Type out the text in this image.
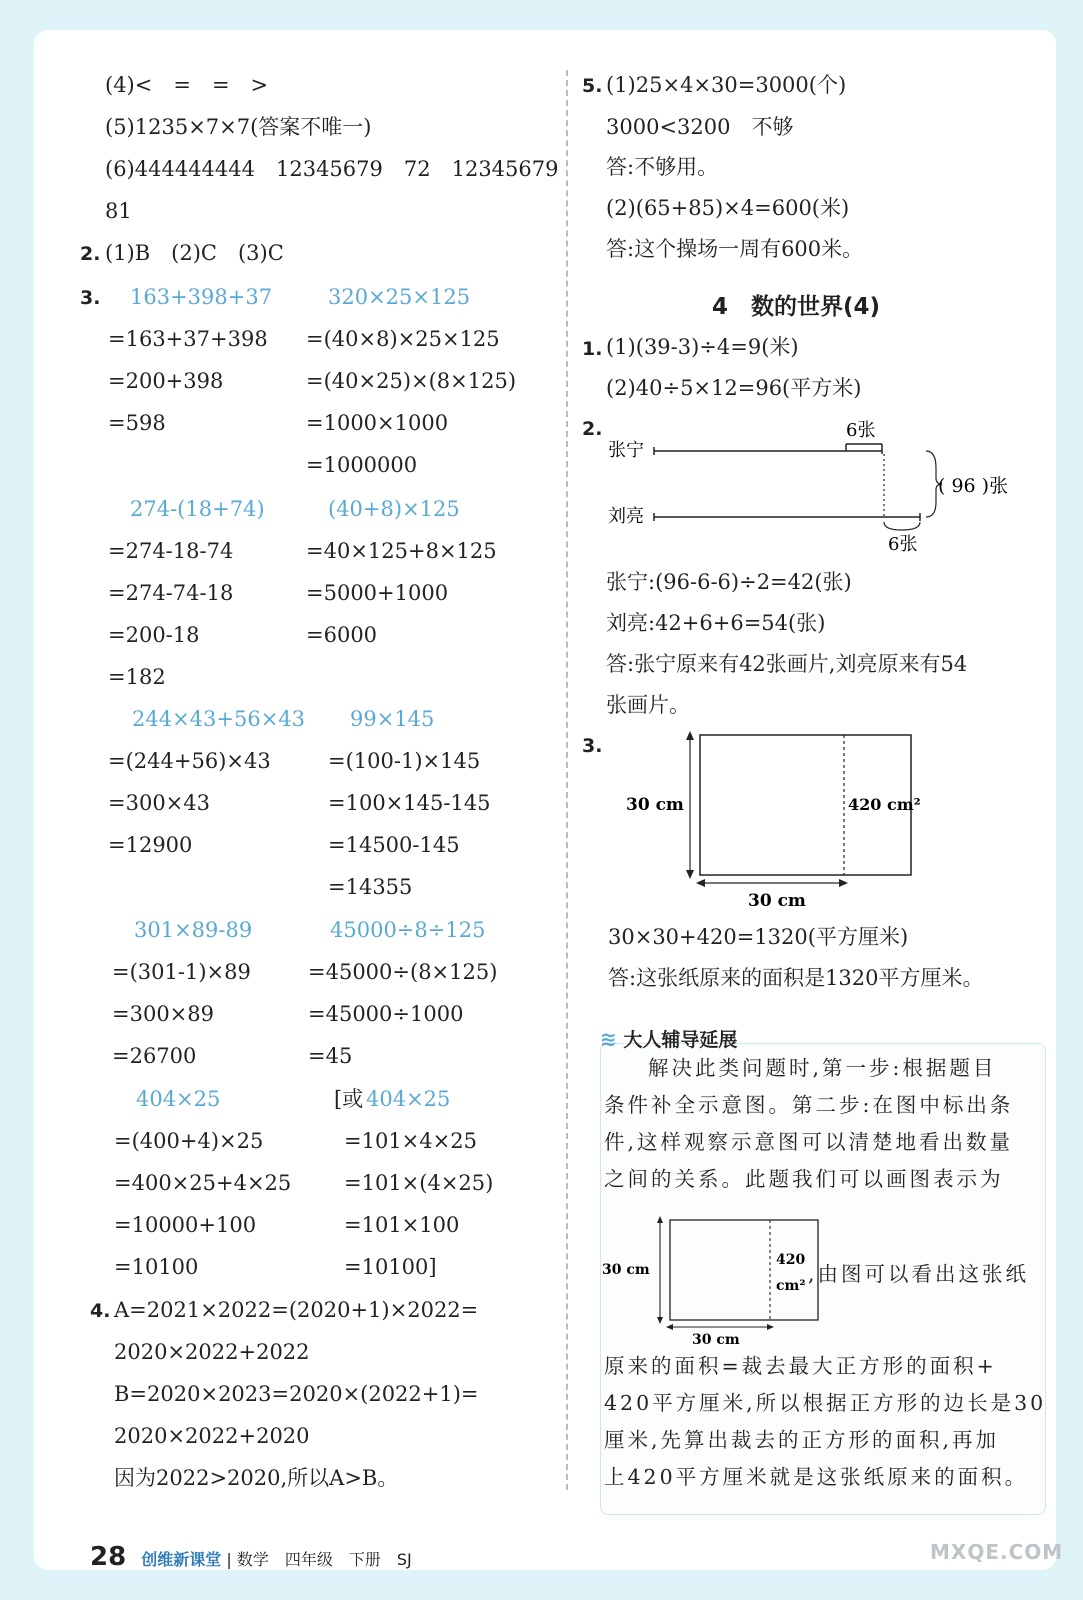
(4)<　=　=　>
(5)1235×7×7(答案不唯一)
(6)444444444　12345679　72　12345679
81
2. (1)B　(2)C　(3)C
3. 163+398+37
=163+37+398
=200+398
=598
320×25×125
=(40×8)×25×125
=(40×25)×(8×125)
=1000×1000
=1000000
274-(18+74)
=274-18-74
=274-74-18
=200-18
=182
(40+8)×125
=40×125+8×125
=5000+1000
=6000
244×43+56×43
=(244+56)×43
=300×43
=12900
99×145
=(100-1)×145
=100×145-145
=14500-145
=14355
301×89-89
=(301-1)×89
=300×89
=26700
45000÷8÷125
=45000÷(8×125)
=45000÷1000
=45
404×25
=(400+4)×25
=400×25+4×25
=10000+100
=10100
[或 404×25
=101×4×25
=101×(4×25)
=101×100
=10100]
4. A=2021×2022=(2020+1)×2022=
2020×2022+2022
B=2020×2023=2020×(2022+1)=
2020×2022+2020
因为2022>2020,所以A>B。
5. (1)25×4×30=3000(个)
3000<3200　不够
答:不够用。
(2)(65+85)×4=600(米)
答:这个操场一周有600米。
4　数的世界(4)
1. (1)(39-3)÷4=9(米)
(2)40÷5×12=96(平方米)
2.
张宁
刘亮
6张
6张
( 96 )张
张宁:(96-6-6)÷2=42(张)
刘亮:42+6+6=54(张)
答:张宁原来有42张画片,刘亮原来有54
张画片。
3.
30 cm
30 cm
420 cm²
30×30+420=1320(平方厘米)
答:这张纸原来的面积是1320平方厘米。
≋ 大人辅导延展
解决此类问题时,第一步:根据题目
条件补全示意图。第二步:在图中标出条
件,这样观察示意图可以清楚地看出数量
之间的关系。此题我们可以画图表示为
30 cm
30 cm
420
cm² ,由图可以看出这张纸
原来的面积=裁去最大正方形的面积+
420平方厘米,所以根据正方形的边长是30
厘米,先算出裁去的正方形的面积,再加
上420平方厘米就是这张纸原来的面积。
28 创维新课堂 | 数学　四年级　下册　SJ	MXQE.COM
